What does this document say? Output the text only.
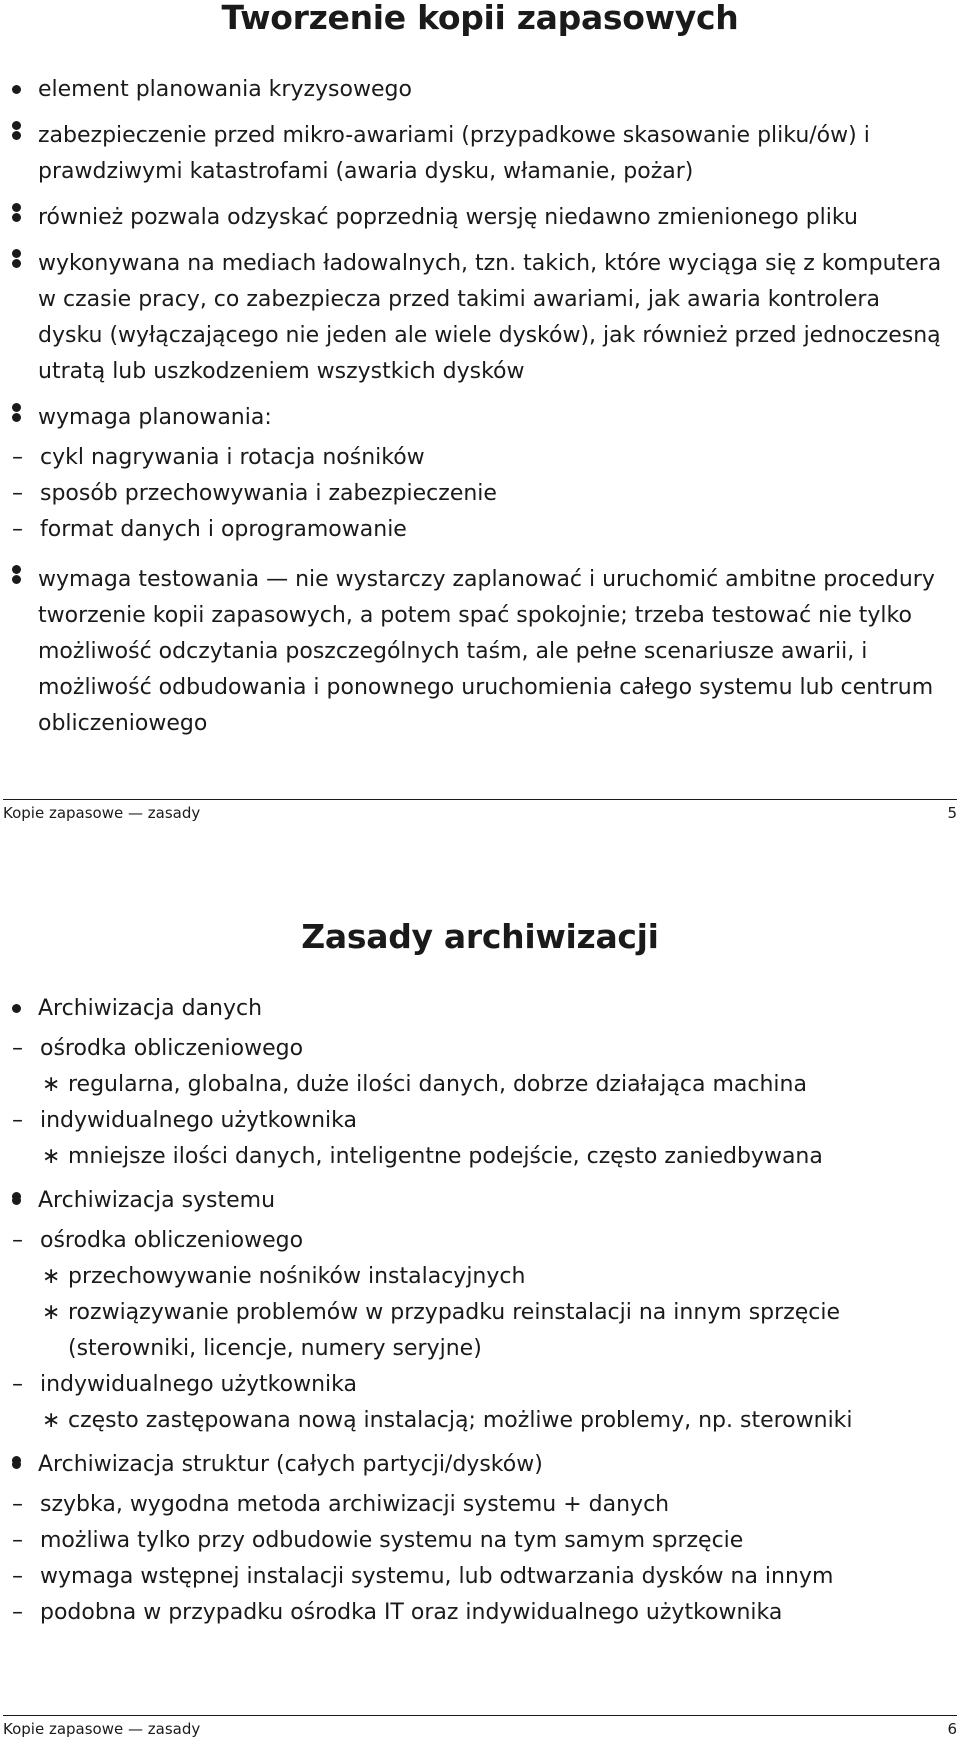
Tworzenie kopii zapasowych
element planowania kryzysowego
zabezpieczenie przed mikro-awariami (przypadkowe skasowanie pliku/ów) i prawdziwymi katastrofami (awaria dysku, włamanie, pożar)
również pozwala odzyskać poprzednią wersję niedawno zmienionego pliku
wykonywana na mediach ładowalnych, tzn. takich, które wyciąga się z komputera w czasie pracy, co zabezpiecza przed takimi awariami, jak awaria kontrolera dysku (wyłączającego nie jeden ale wiele dysków), jak również przed jednoczesną utratą lub uszkodzeniem wszystkich dysków
wymaga planowania:
– cykl nagrywania i rotacja nośników
– sposób przechowywania i zabezpieczenie
– format danych i oprogramowanie
wymaga testowania — nie wystarczy zaplanować i uruchomić ambitne procedury tworzenie kopii zapasowych, a potem spać spokojnie; trzeba testować nie tylko możliwość odczytania poszczególnych taśm, ale pełne scenariusze awarii, i możliwość odbudowania i ponownego uruchomienia całego systemu lub centrum obliczeniowego
Kopie zapasowe — zasady	5
Zasady archiwizacji
Archiwizacja danych
– ośrodka obliczeniowego
∗ regularna, globalna, duże ilości danych, dobrze działająca machina
– indywidualnego użytkownika
∗ mniejsze ilości danych, inteligentne podejście, często zaniedbywana
Archiwizacja systemu
– ośrodka obliczeniowego
∗ przechowywanie nośników instalacyjnych
∗ rozwiązywanie problemów w przypadku reinstalacji na innym sprzęcie (sterowniki, licencje, numery seryjne)
– indywidualnego użytkownika
∗ często zastępowana nową instalacją; możliwe problemy, np. sterowniki
Archiwizacja struktur (całych partycji/dysków)
– szybka, wygodna metoda archiwizacji systemu + danych
– możliwa tylko przy odbudowie systemu na tym samym sprzęcie
– wymaga wstępnej instalacji systemu, lub odtwarzania dysków na innym
– podobna w przypadku ośrodka IT oraz indywidualnego użytkownika
Kopie zapasowe — zasady	6
